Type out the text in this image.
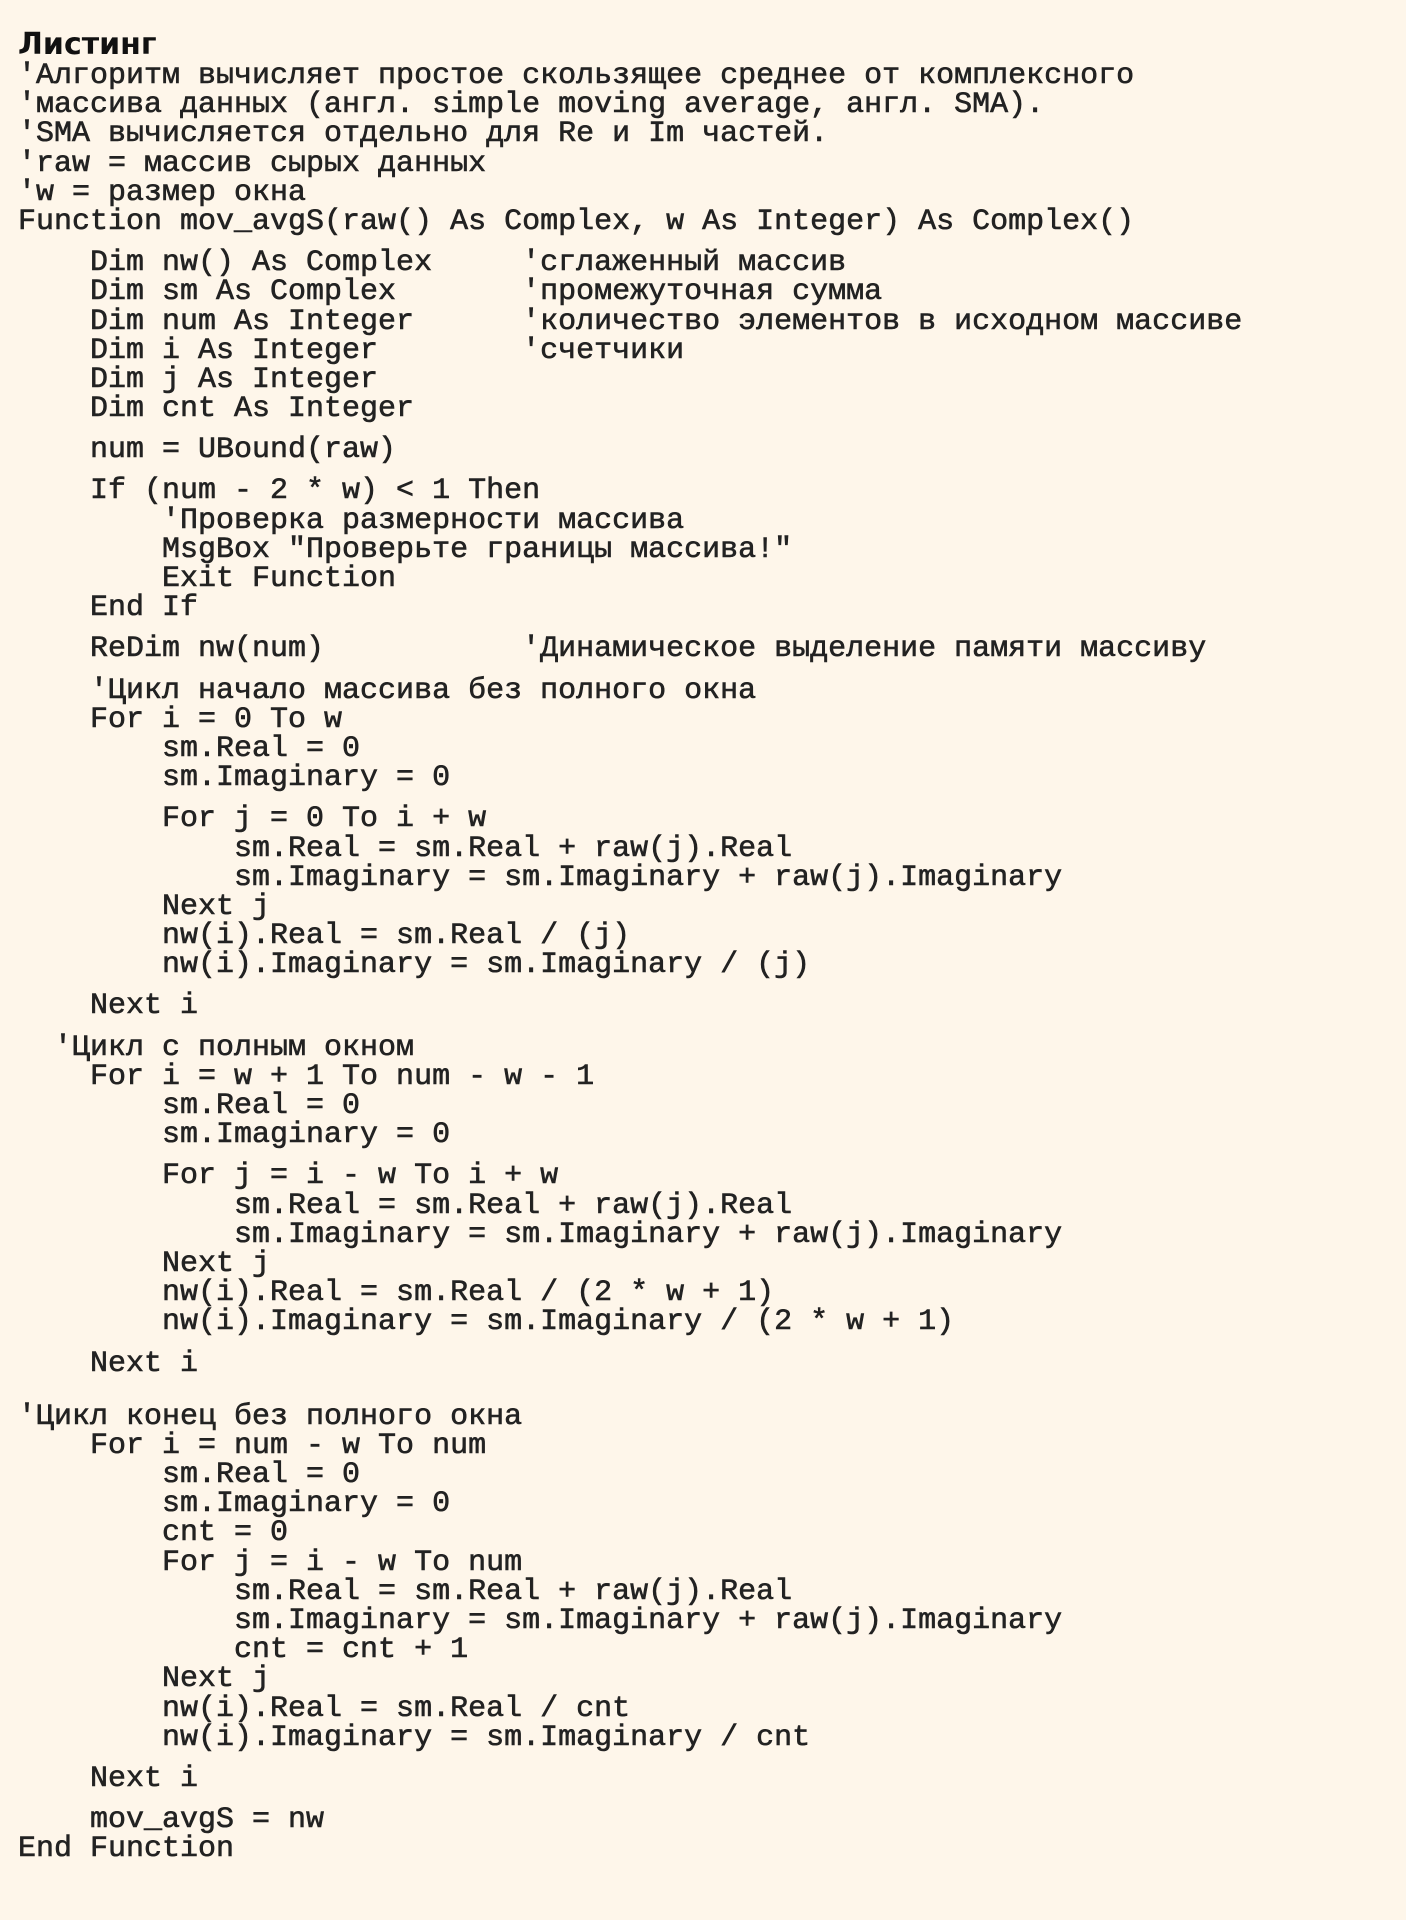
Листинг
'Алгоритм вычисляет простое скользящее среднее от комплексного
'массива данных (англ. simple moving average, англ. SMA).
'SMA вычисляется отдельно для Re и Im частей.
'raw = массив сырых данных
'w = размер окна
Function mov_avgS(raw() As Complex, w As Integer) As Complex()
Dim nw() As Complex     'сглаженный массив
Dim sm As Complex       'промежуточная сумма
Dim num As Integer      'количество элементов в исходном массиве
Dim i As Integer        'счетчики
Dim j As Integer
Dim cnt As Integer
num = UBound(raw)
If (num - 2 * w) < 1 Then
'Проверка размерности массива
MsgBox "Проверьте границы массива!"
Exit Function
End If
ReDim nw(num)           'Динамическое выделение памяти массиву
'Цикл начало массива без полного окна
For i = 0 To w
sm.Real = 0
sm.Imaginary = 0
For j = 0 To i + w
sm.Real = sm.Real + raw(j).Real
sm.Imaginary = sm.Imaginary + raw(j).Imaginary
Next j
nw(i).Real = sm.Real / (j)
nw(i).Imaginary = sm.Imaginary / (j)
Next i
'Цикл с полным окном
For i = w + 1 To num - w - 1
sm.Real = 0
sm.Imaginary = 0
For j = i - w To i + w
sm.Real = sm.Real + raw(j).Real
sm.Imaginary = sm.Imaginary + raw(j).Imaginary
Next j
nw(i).Real = sm.Real / (2 * w + 1)
nw(i).Imaginary = sm.Imaginary / (2 * w + 1)
Next i
'Цикл конец без полного окна
For i = num - w To num
sm.Real = 0
sm.Imaginary = 0
cnt = 0
For j = i - w To num
sm.Real = sm.Real + raw(j).Real
sm.Imaginary = sm.Imaginary + raw(j).Imaginary
cnt = cnt + 1
Next j
nw(i).Real = sm.Real / cnt
nw(i).Imaginary = sm.Imaginary / cnt
Next i
mov_avgS = nw
End Function
